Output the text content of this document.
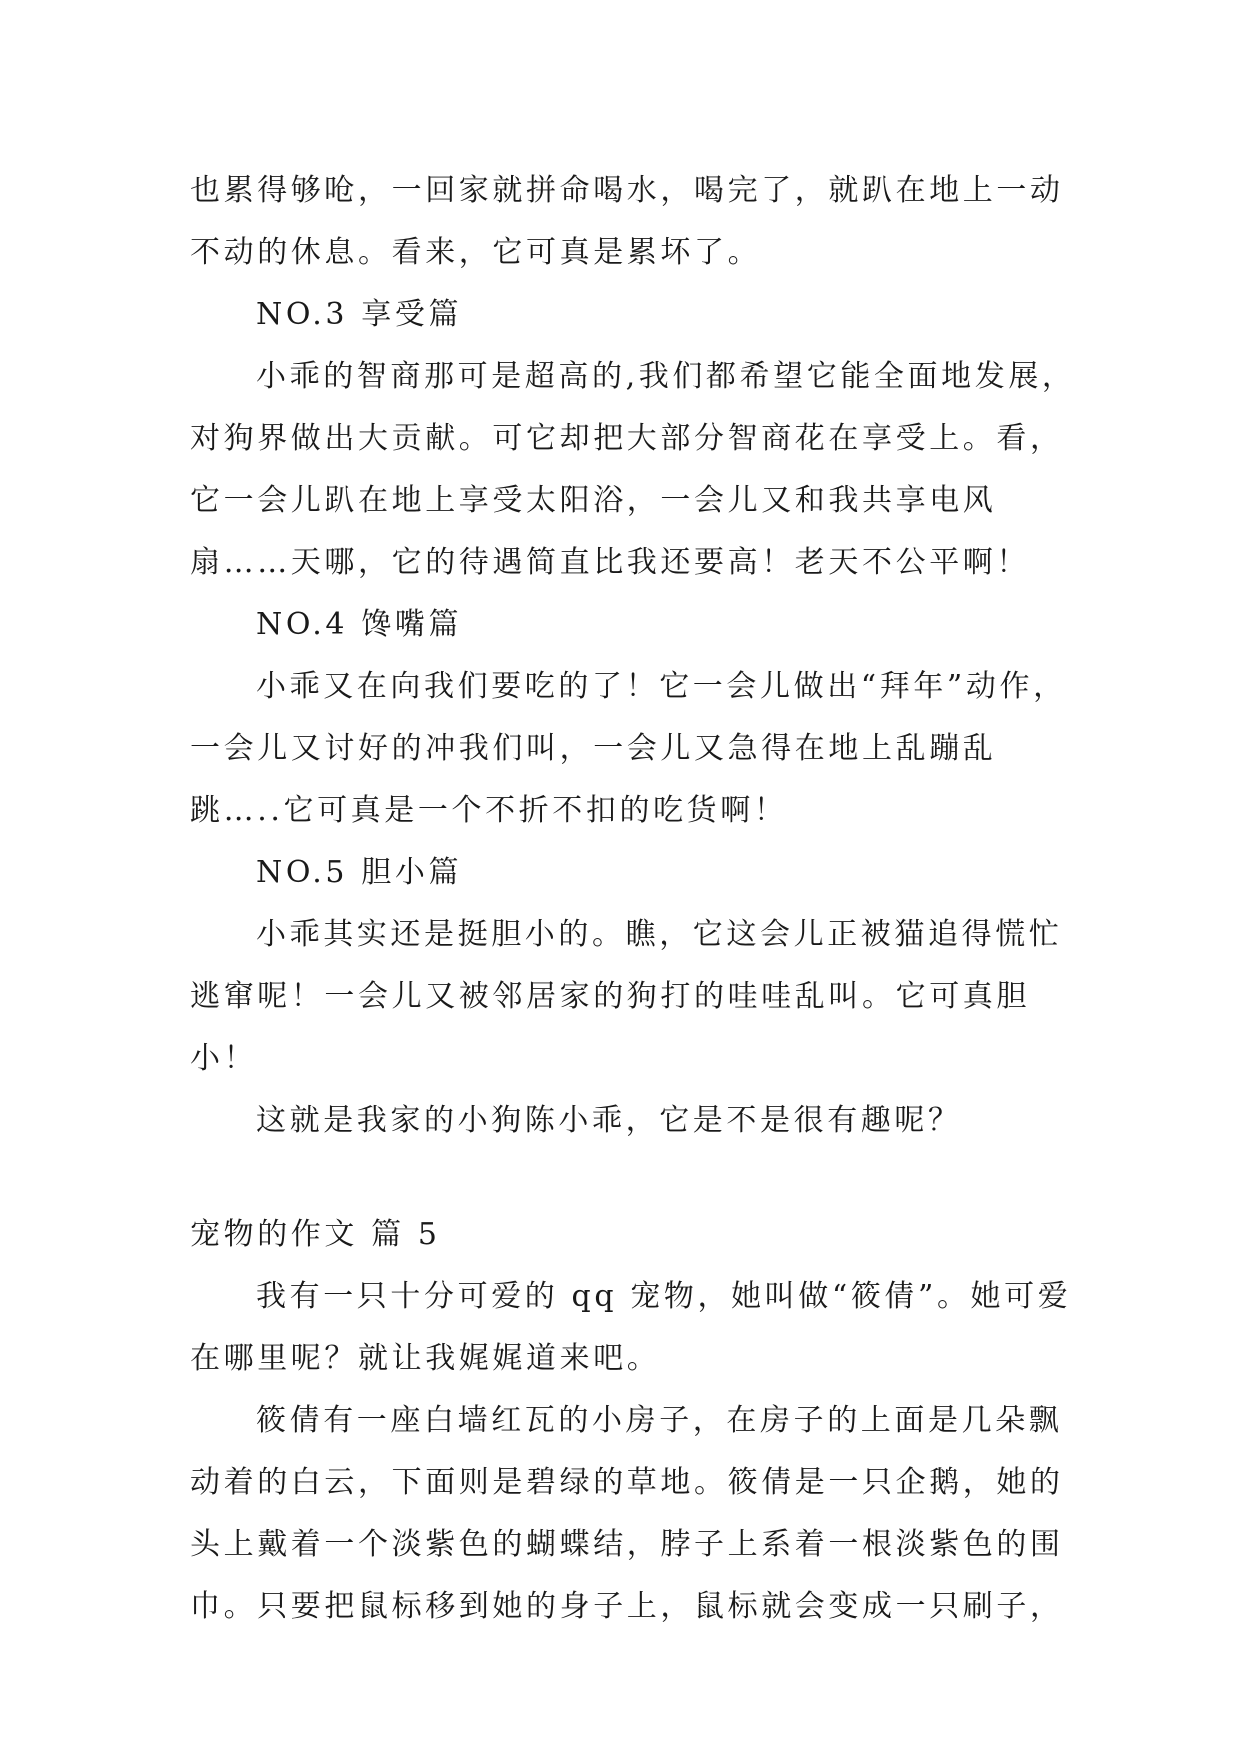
也累得够呛，一回家就拼命喝水，喝完了，就趴在地上一动
不动的休息。看来，它可真是累坏了。
NO.3 享受篇
小乖的智商那可是超高的,我们都希望它能全面地发展，
对狗界做出大贡献。可它却把大部分智商花在享受上。看，
它一会儿趴在地上享受太阳浴，一会儿又和我共享电风
扇……天哪，它的待遇简直比我还要高！老天不公平啊！
NO.4 馋嘴篇
小乖又在向我们要吃的了！它一会儿做出“拜年”动作，
一会儿又讨好的冲我们叫，一会儿又急得在地上乱蹦乱
跳…..它可真是一个不折不扣的吃货啊！
NO.5 胆小篇
小乖其实还是挺胆小的。瞧，它这会儿正被猫追得慌忙
逃窜呢！一会儿又被邻居家的狗打的哇哇乱叫。它可真胆
小！
这就是我家的小狗陈小乖，它是不是很有趣呢？
宠物的作文 篇 5
我有一只十分可爱的 qq 宠物，她叫做“筱倩”。她可爱
在哪里呢？就让我娓娓道来吧。
筱倩有一座白墙红瓦的小房子，在房子的上面是几朵飘
动着的白云，下面则是碧绿的草地。筱倩是一只企鹅，她的
头上戴着一个淡紫色的蝴蝶结，脖子上系着一根淡紫色的围
巾。只要把鼠标移到她的身子上，鼠标就会变成一只刷子，
